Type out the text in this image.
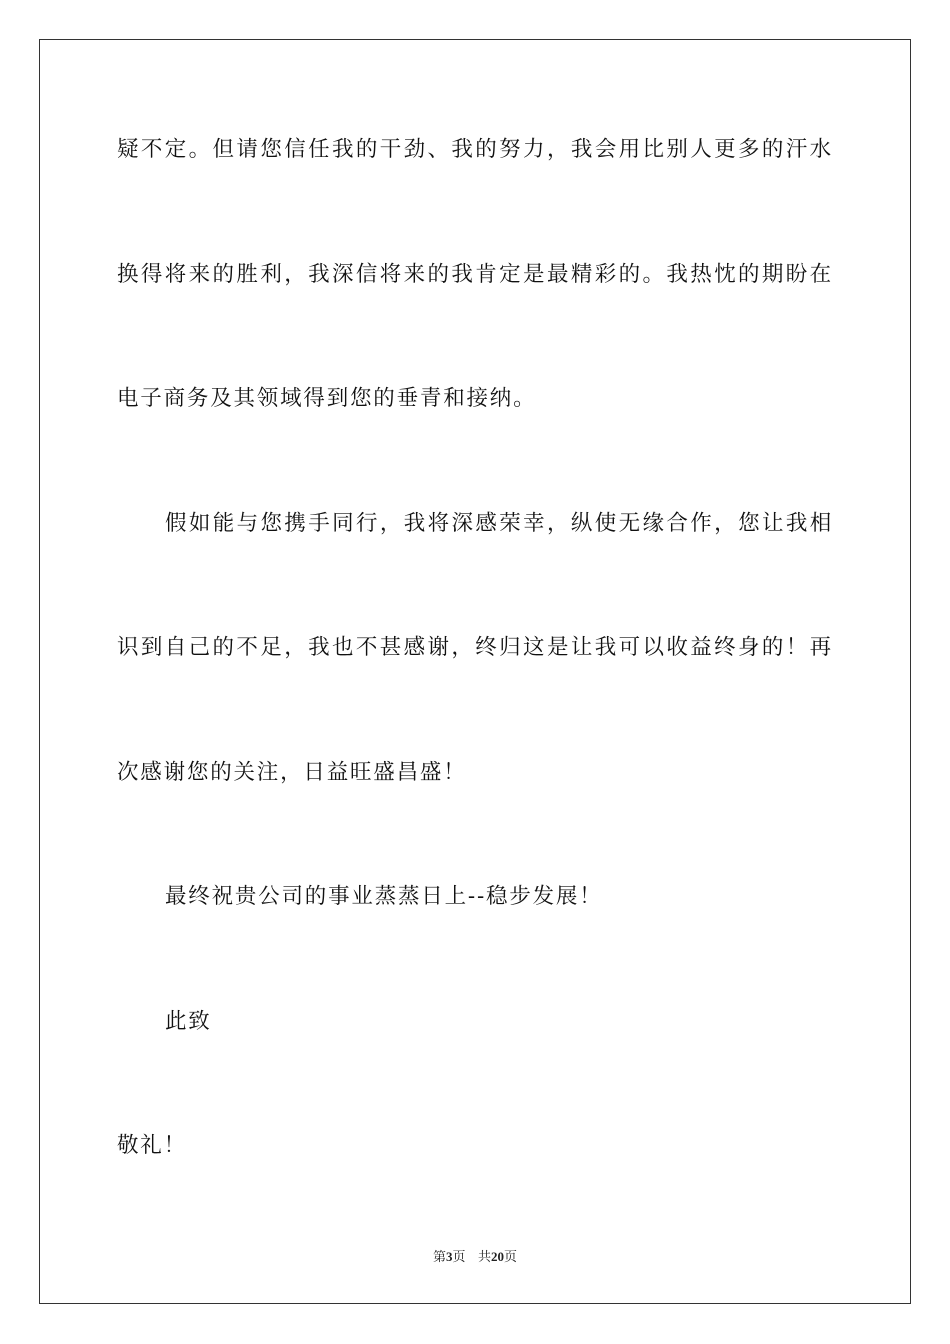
疑不定。但请您信任我的干劲、我的努力，我会用比别人更多的汗水
换得将来的胜利，我深信将来的我肯定是最精彩的。我热忱的期盼在
电子商务及其领域得到您的垂青和接纳。
假如能与您携手同行，我将深感荣幸，纵使无缘合作，您让我相
识到自己的不足，我也不甚感谢，终归这是让我可以收益终身的！再
次感谢您的关注，日益旺盛昌盛！
最终祝贵公司的事业蒸蒸日上--稳步发展！
此致
敬礼！
第3页 共20页
